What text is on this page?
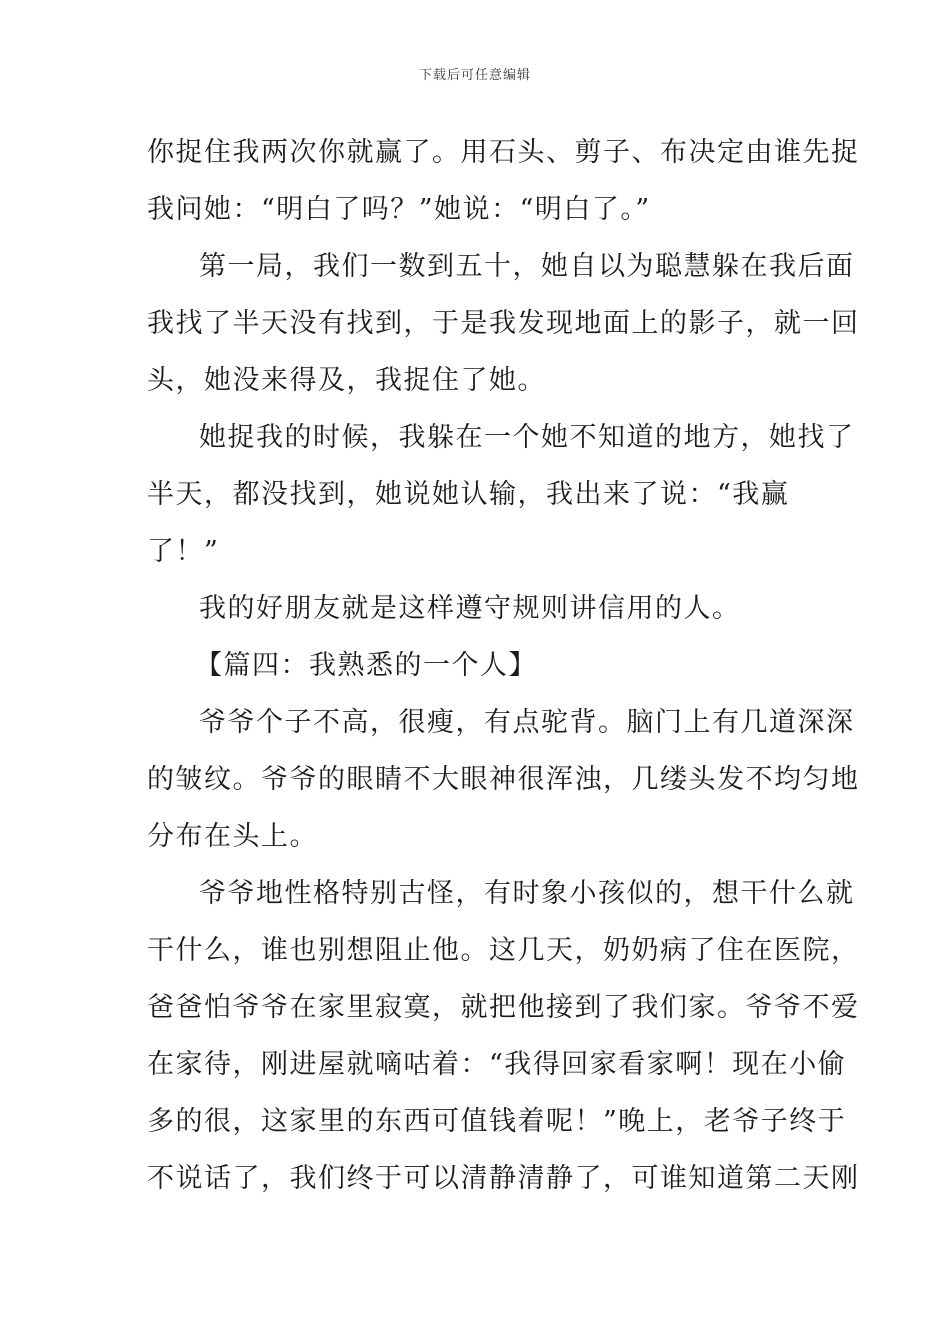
下载后可任意编辑
你捉住我两次你就赢了。用石头、剪子、布决定由谁先捉
我问她：“明白了吗？”她说：“明白了。”
第一局，我们一数到五十，她自以为聪慧躲在我后面
我找了半天没有找到，于是我发现地面上的影子，就一回
头，她没来得及，我捉住了她。
她捉我的时候，我躲在一个她不知道的地方，她找了
半天，都没找到，她说她认输，我出来了说：“我赢
了！”
我的好朋友就是这样遵守规则讲信用的人。
【篇四：我熟悉的一个人】
爷爷个子不高，很瘦，有点驼背。脑门上有几道深深
的皱纹。爷爷的眼睛不大眼神很浑浊，几缕头发不均匀地
分布在头上。
爷爷地性格特别古怪，有时象小孩似的，想干什么就
干什么，谁也别想阻止他。这几天，奶奶病了住在医院，
爸爸怕爷爷在家里寂寞，就把他接到了我们家。爷爷不爱
在家待，刚进屋就嘀咕着：“我得回家看家啊！现在小偷
多的很，这家里的东西可值钱着呢！”晚上，老爷子终于
不说话了，我们终于可以清静清静了，可谁知道第二天刚
